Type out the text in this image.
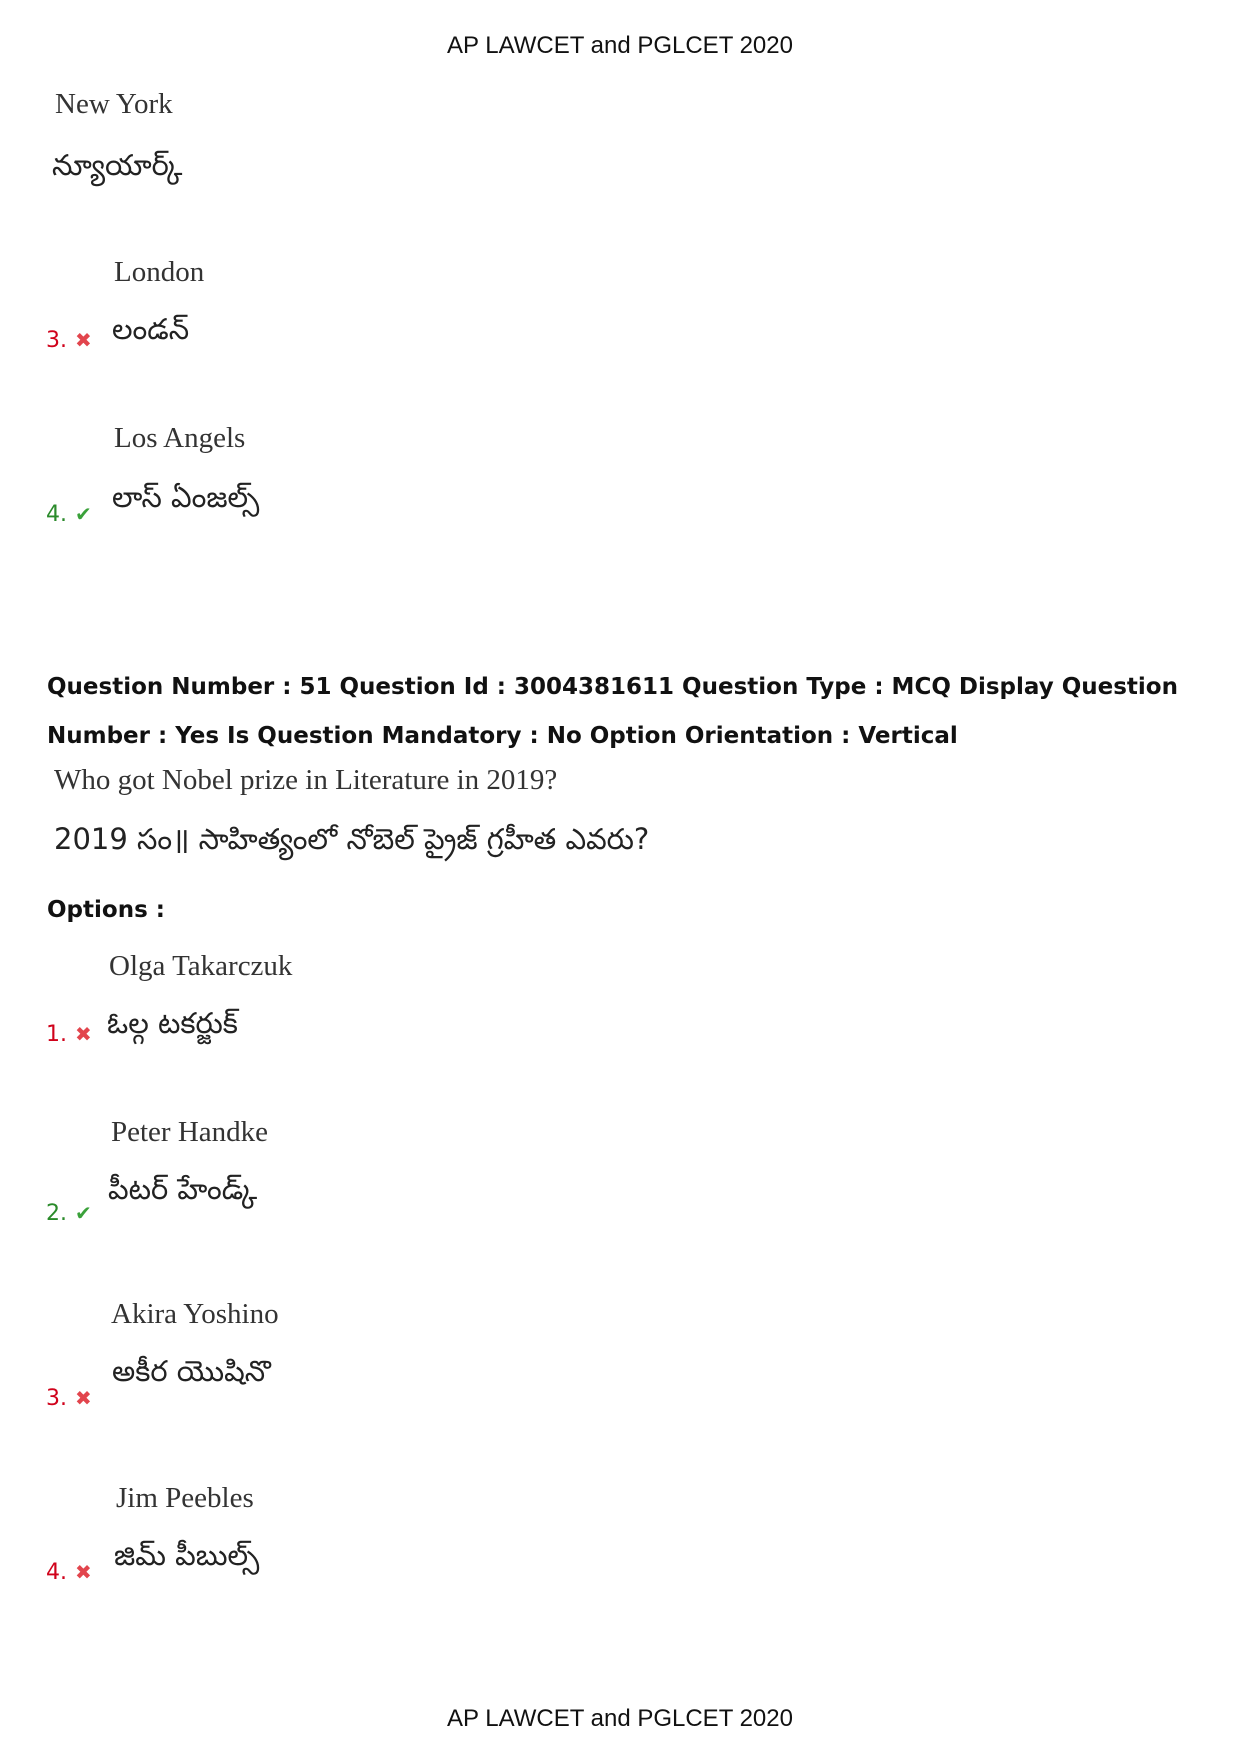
AP LAWCET and PGLCET 2020
New York
న్యూయార్క్
London
లండన్
3. ✖
Los Angels
లాస్ ఏంజల్స్
4. ✔
Question Number : 51 Question Id : 3004381611 Question Type : MCQ Display Question
Number : Yes Is Question Mandatory : No Option Orientation : Vertical
Who got Nobel prize in Literature in 2019?
2019 సం॥ సాహిత్యంలో నోబెల్ ప్రైజ్ గ్రహీత ఎవరు?
Options :
Olga Takarczuk
ఓల్గ టకర్జుక్
1. ✖
Peter Handke
పీటర్ హేండ్క్
2. ✔
Akira Yoshino
అకీర యొషినొ
3. ✖
Jim Peebles
జిమ్ పీబుల్స్
4. ✖
AP LAWCET and PGLCET 2020
